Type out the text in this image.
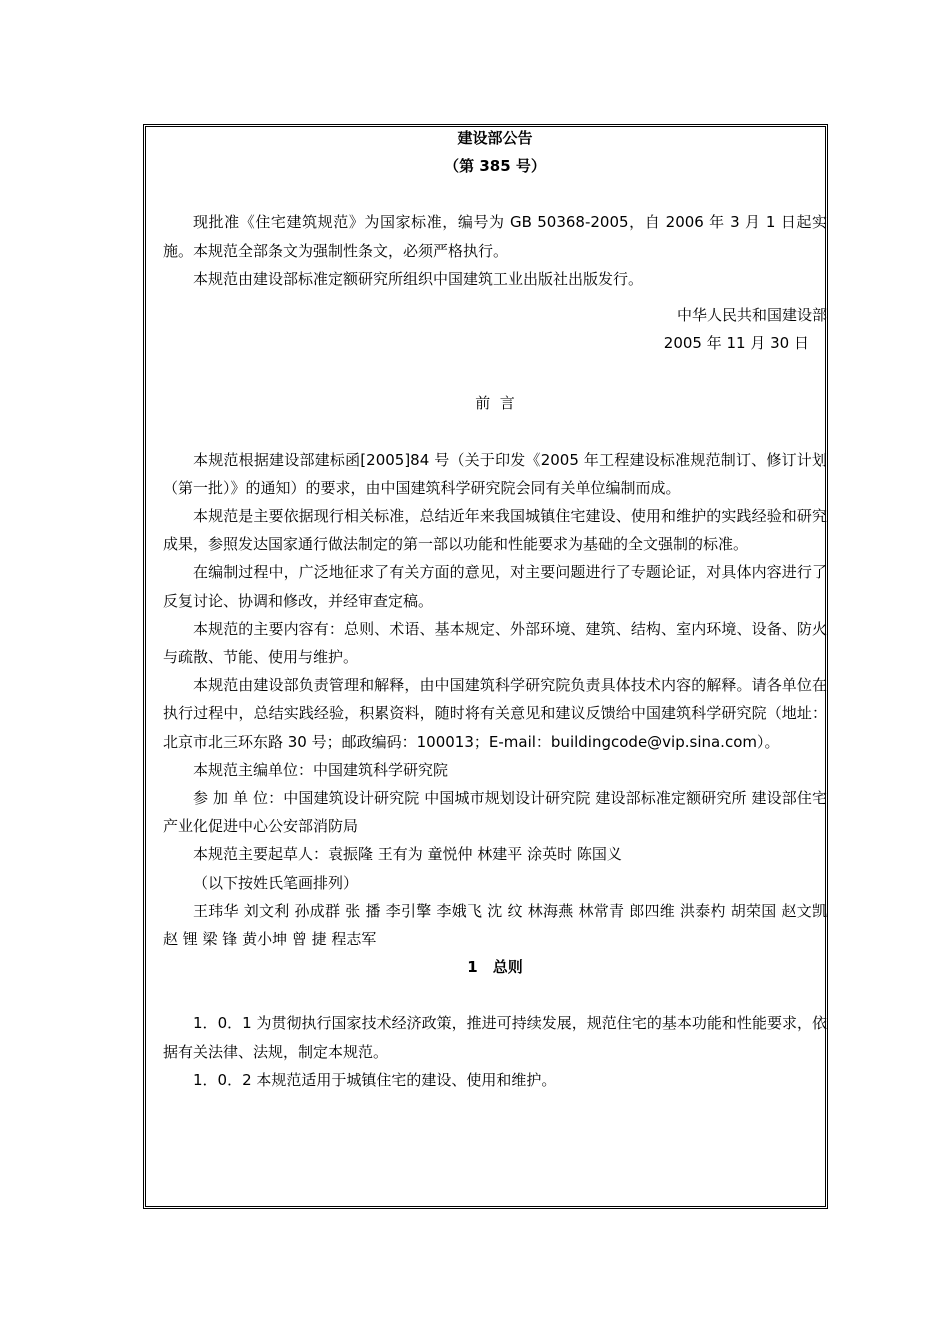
建设部公告
（第 385 号）
现批准《住宅建筑规范》为国家标准，编号为 GB 50368-2005，自 2006 年 3 月 1 日起实施。本规范全部条文为强制性条文，必须严格执行。
本规范由建设部标准定额研究所组织中国建筑工业出版社出版发行。
中华人民共和国建设部
2005 年 11 月 30 日
前  言
本规范根据建设部建标函[2005]84 号（关于印发《2005 年工程建设标准规范制订、修订计划（第一批）》的通知）的要求，由中国建筑科学研究院会同有关单位编制而成。
本规范是主要依据现行相关标准，总结近年来我国城镇住宅建设、使用和维护的实践经验和研究成果，参照发达国家通行做法制定的第一部以功能和性能要求为基础的全文强制的标准。
在编制过程中，广泛地征求了有关方面的意见，对主要问题进行了专题论证，对具体内容进行了反复讨论、协调和修改，并经审查定稿。
本规范的主要内容有：总则、术语、基本规定、外部环境、建筑、结构、室内环境、设备、防火与疏散、节能、使用与维护。
本规范由建设部负责管理和解释，由中国建筑科学研究院负责具体技术内容的解释。请各单位在执行过程中，总结实践经验，积累资料，随时将有关意见和建议反馈给中国建筑科学研究院（地址：北京市北三环东路 30 号；邮政编码：100013；E-mail：buildingcode@vip.sina.com）。
本规范主编单位：中国建筑科学研究院
参 加 单 位：中国建筑设计研究院 中国城市规划设计研究院 建设部标准定额研究所 建设部住宅产业化促进中心公安部消防局
本规范主要起草人：袁振隆 王有为 童悦仲 林建平 涂英时 陈国义
（以下按姓氏笔画排列）
王玮华 刘文利 孙成群 张 播 李引擎 李娥飞 沈 纹 林海燕 林常青 郎四维 洪泰杓 胡荣国 赵文凯 赵 锂 梁 锋 黄小坤 曾 捷 程志军
1　总则
1．0．1 为贯彻执行国家技术经济政策，推进可持续发展，规范住宅的基本功能和性能要求，依据有关法律、法规，制定本规范。
1．0．2 本规范适用于城镇住宅的建设、使用和维护。
